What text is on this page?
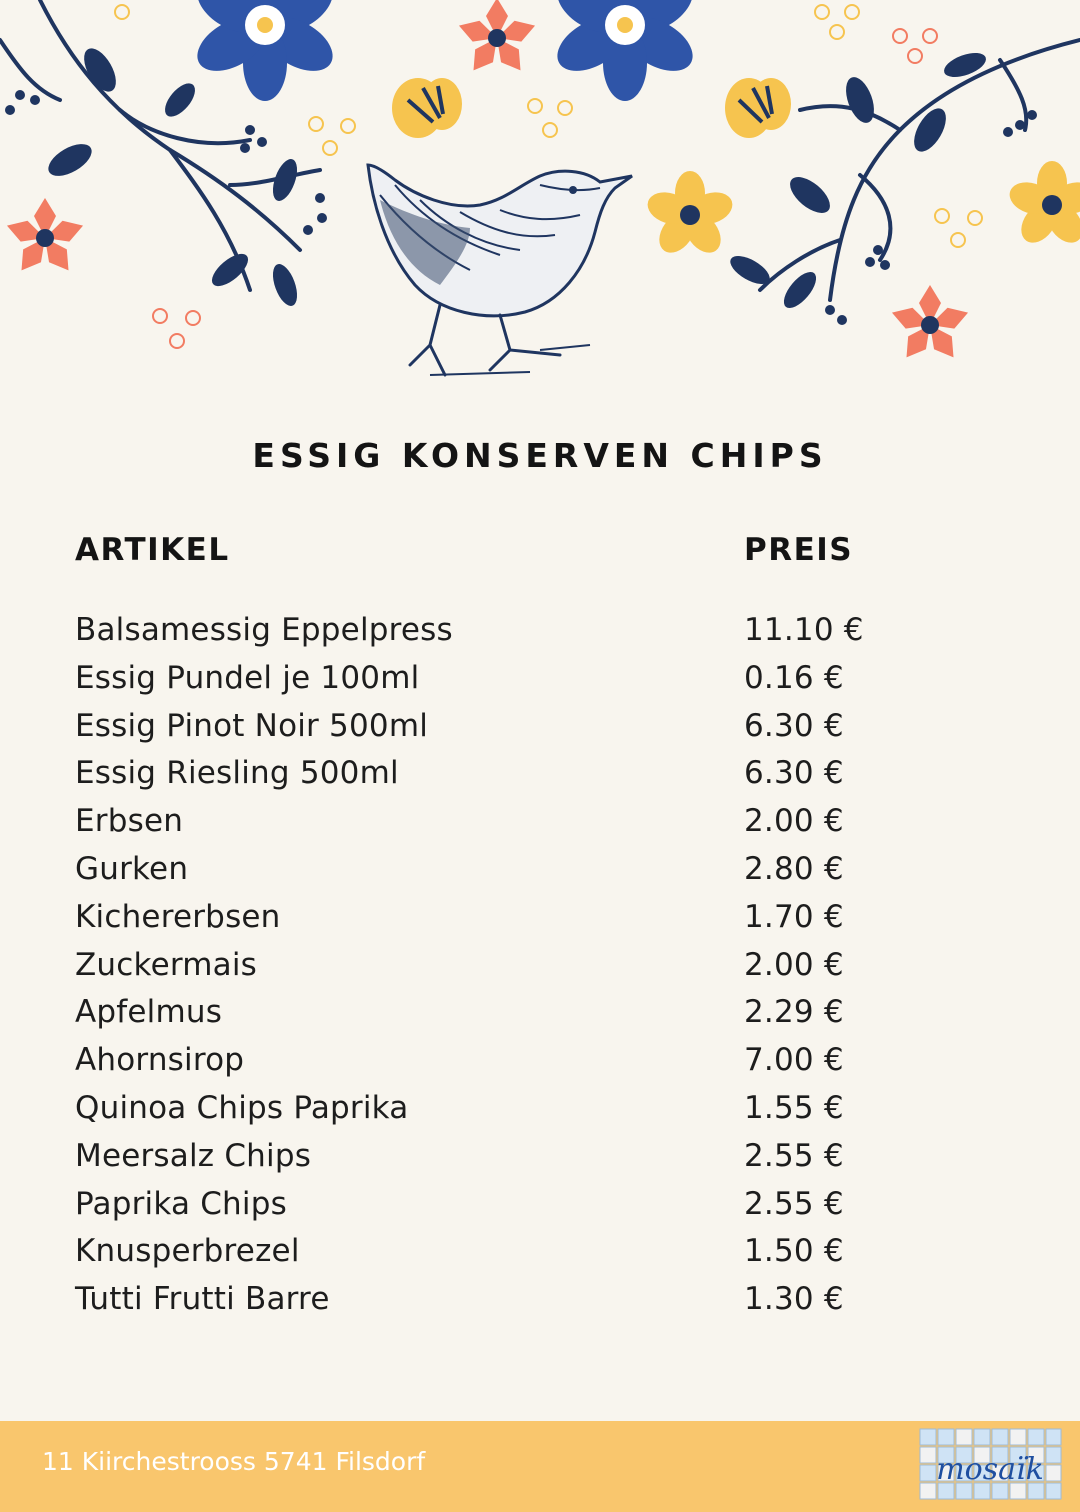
ESSIG KONSERVEN CHIPS
ARTIKEL	PREIS
Balsamessig Eppelpress	11.10 €
Essig Pundel je 100ml	0.16 €
Essig Pinot Noir 500ml	6.30 €
Essig Riesling 500ml	6.30 €
Erbsen	2.00 €
Gurken	2.80 €
Kichererbsen	1.70 €
Zuckermais	2.00 €
Apfelmus	2.29 €
Ahornsirop	7.00 €
Quinoa Chips Paprika	1.55 €
Meersalz Chips	2.55 €
Paprika Chips	2.55 €
Knusperbrezel	1.50 €
Tutti Frutti Barre	1.30 €
11 Kiirchestrooss 5741 Filsdorf	mosaïk
